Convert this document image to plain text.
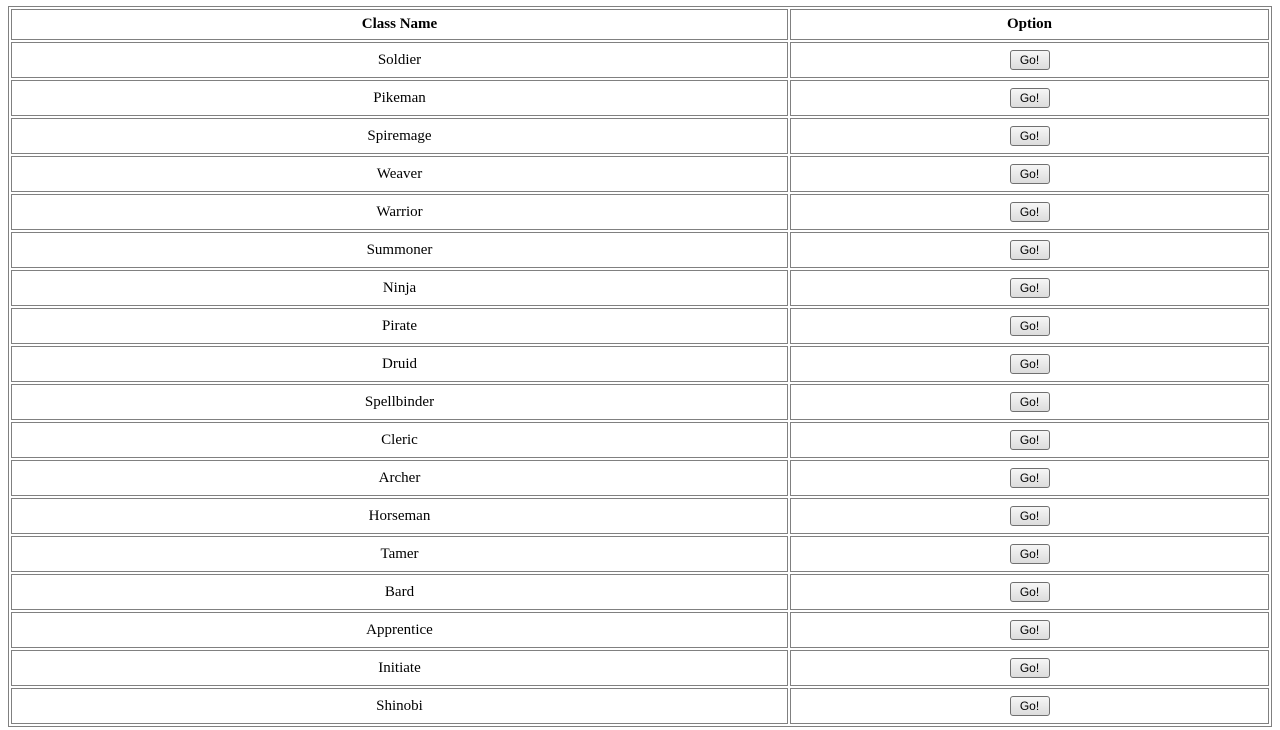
Class Name	Option
Soldier	Go!
Pikeman	Go!
Spiremage	Go!
Weaver	Go!
Warrior	Go!
Summoner	Go!
Ninja	Go!
Pirate	Go!
Druid	Go!
Spellbinder	Go!
Cleric	Go!
Archer	Go!
Horseman	Go!
Tamer	Go!
Bard	Go!
Apprentice	Go!
Initiate	Go!
Shinobi	Go!
